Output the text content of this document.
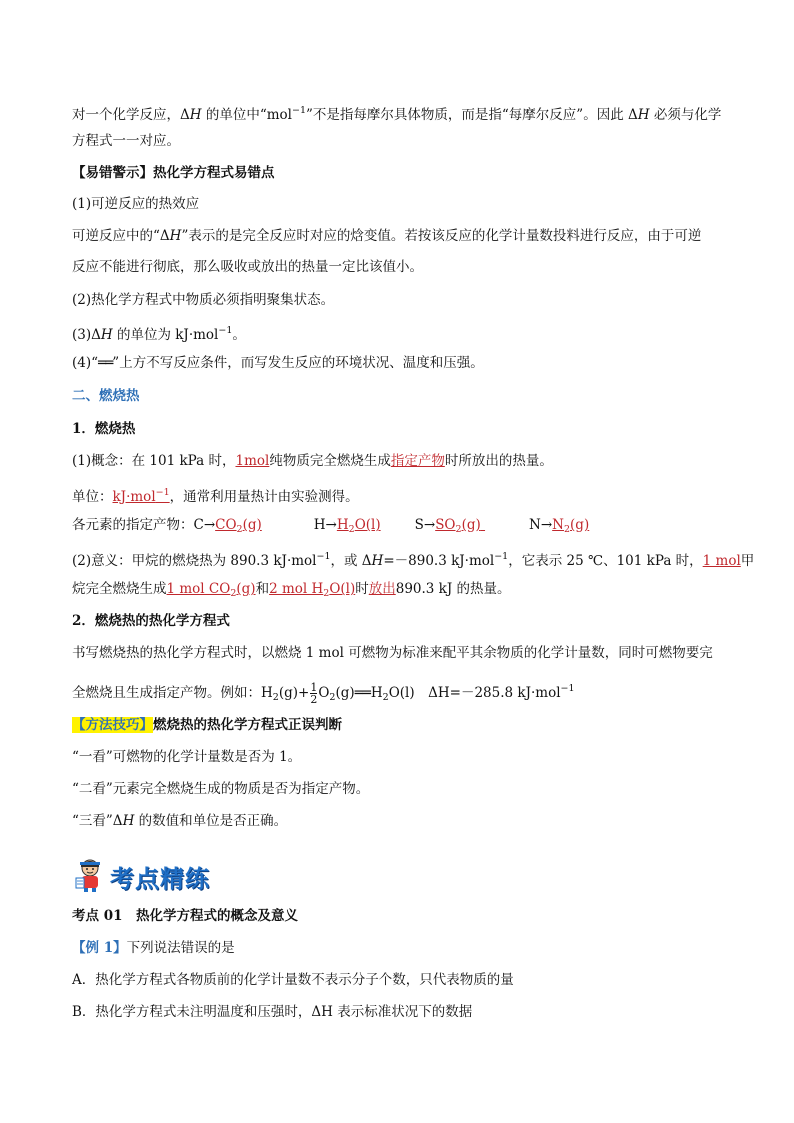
对一个化学反应，ΔH 的单位中“mol$^{-1}$”不是指每摩尔具体物质，而是指“每摩尔反应”。因此 ΔH 必须与化学
方程式一一对应。
【易错警示】热化学方程式易错点
(1)可逆反应的热效应
可逆反应中的“ΔH”表示的是完全反应时对应的焓变值。若按该反应的化学计量数投料进行反应，由于可逆
反应不能进行彻底，那么吸收或放出的热量一定比该值小。
(2)热化学方程式中物质必须指明聚集状态。
(3)ΔH 的单位为 kJ·mol$^{-1}$。
(4)“══”上方不写反应条件，而写发生反应的环境状况、温度和压强。
二、燃烧热
1．燃烧热
(1)概念：在 101 kPa 时，1mol纯物质完全燃烧生成指定产物时所放出的热量。
单位：kJ·mol$^{-1}$，通常利用量热计由实验测得。
各元素的指定产物：$C\to CO_2(g)$	$H\to H_2O(l)$	$S\to SO_2(g)$	$N\to N_2(g)$
(2)意义：甲烷的燃烧热为 890.3 kJ·mol$^{-1}$，或 ΔH=－890.3 kJ·mol$^{-1}$，它表示 25 ℃、101 kPa 时，1 mol甲
烷完全燃烧生成1 mol $CO_2(g)$和2 mol $H_2O(l)$时放出890.3 kJ 的热量。
2．燃烧热的热化学方程式
书写燃烧热的热化学方程式时，以燃烧 1 mol 可燃物为标准来配平其余物质的化学计量数，同时可燃物要完
全燃烧且生成指定产物。例如：$H_2(g)+ \frac{1}{2}$ $O_2(g)══H_2O(l)$　ΔH=－285.8 kJ·mol$^{-1}$
【方法技巧】燃烧热的热化学方程式正误判断
“一看”可燃物的化学计量数是否为 1。
“二看”元素完全燃烧生成的物质是否为指定产物。
“三看”ΔH 的数值和单位是否正确。
考点 01　热化学方程式的概念及意义
【例 1】下列说法错误的是
A．热化学方程式各物质前的化学计量数不表示分子个数，只代表物质的量
B．热化学方程式未注明温度和压强时，ΔH 表示标准状况下的数据
考点精练
